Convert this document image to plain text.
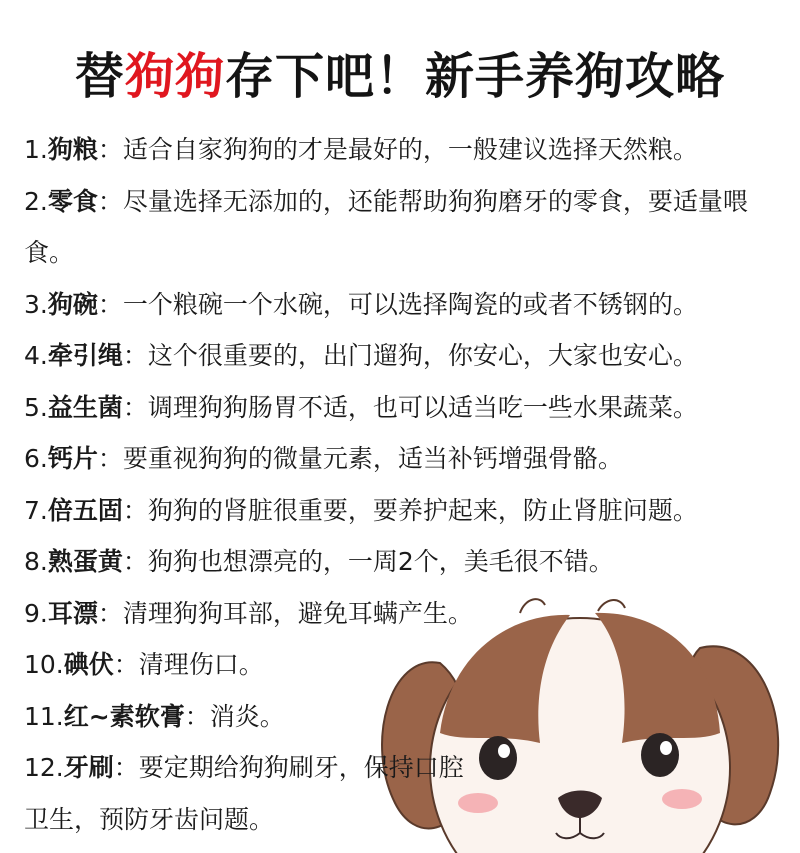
替狗狗存下吧！新手养狗攻略
1.狗粮：适合自家狗狗的才是最好的，一般建议选择天然粮。
2.零食：尽量选择无添加的，还能帮助狗狗磨牙的零食，要适量喂食。
3.狗碗：一个粮碗一个水碗，可以选择陶瓷的或者不锈钢的。
4.牵引绳：这个很重要的，出门遛狗，你安心，大家也安心。
5.益生菌：调理狗狗肠胃不适，也可以适当吃一些水果蔬菜。
6.钙片：要重视狗狗的微量元素，适当补钙增强骨骼。
7.倍五固：狗狗的肾脏很重要，要养护起来，防止肾脏问题。
8.熟蛋黄：狗狗也想漂亮的，一周2个，美毛很不错。
9.耳漂：清理狗狗耳部，避免耳螨产生。
10.碘伏：清理伤口。
11.红~素软膏：消炎。
12.牙刷：要定期给狗狗刷牙，保持口腔卫生，预防牙齿问题。
